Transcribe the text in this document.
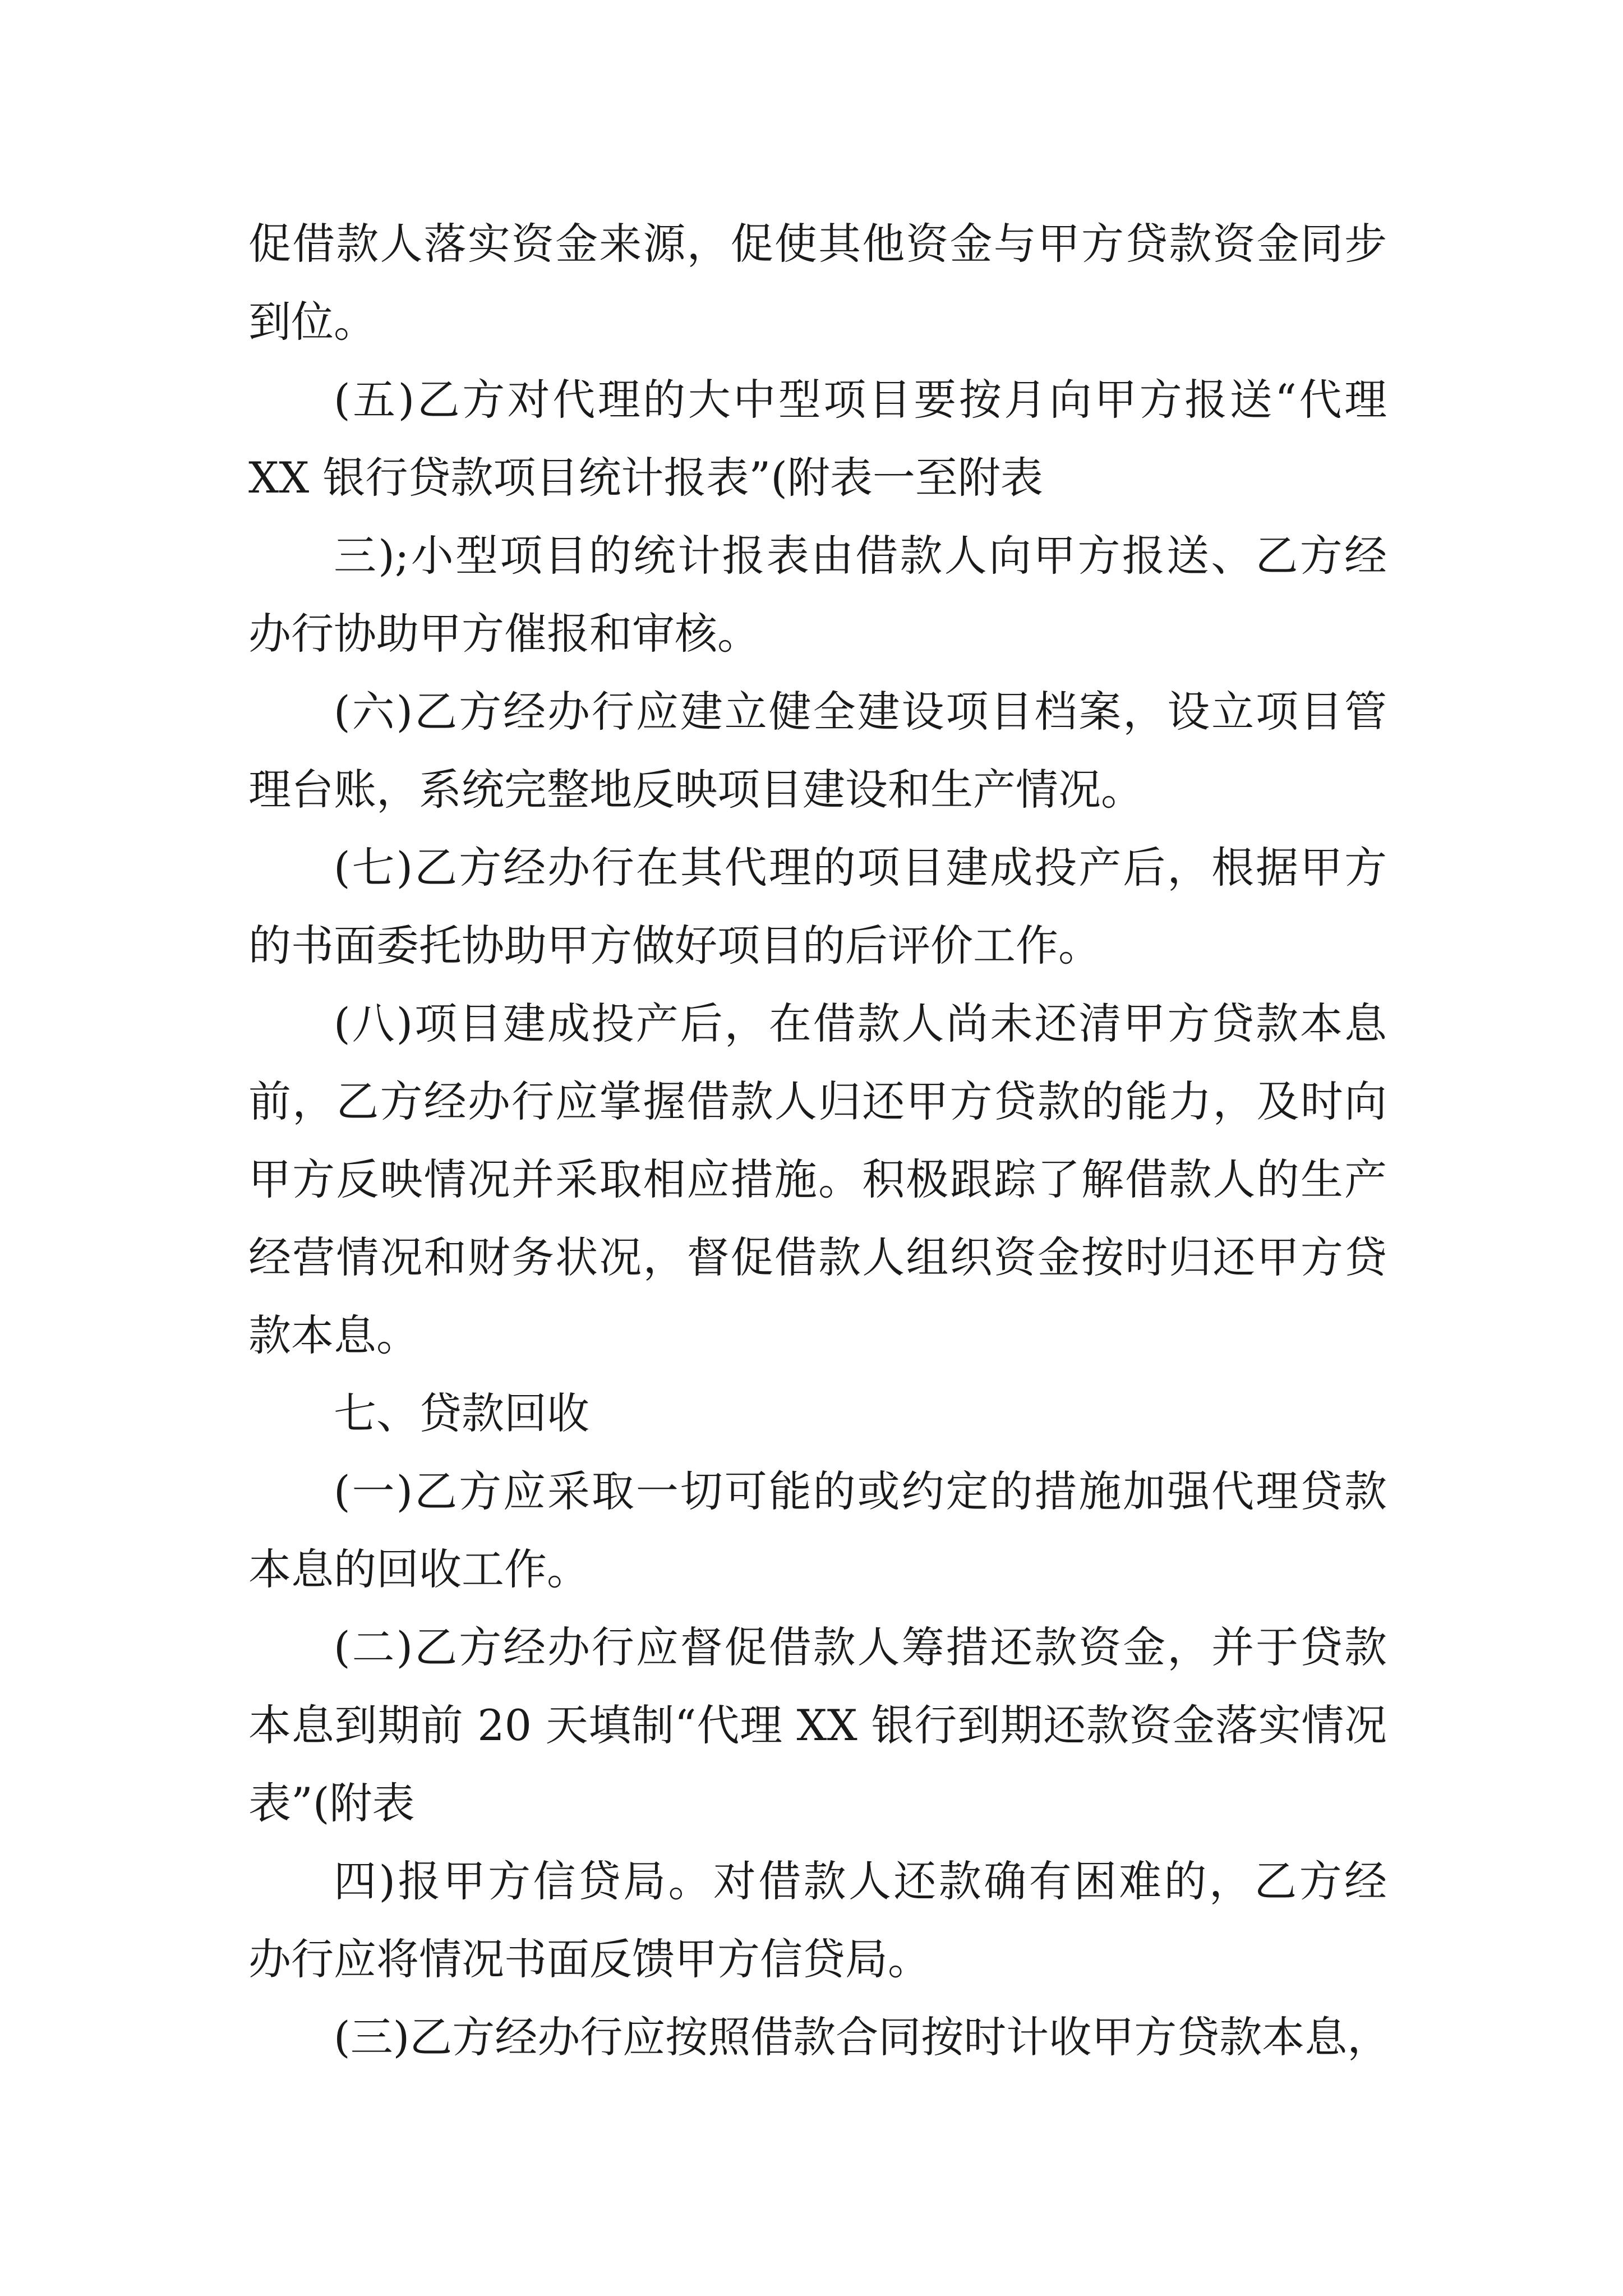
促借款人落实资金来源，促使其他资金与甲方贷款资金同步
到位。
(五)乙方对代理的大中型项目要按月向甲方报送“代理
XX 银行贷款项目统计报表”(附表一至附表
三);小型项目的统计报表由借款人向甲方报送、乙方经
办行协助甲方催报和审核。
(六)乙方经办行应建立健全建设项目档案，设立项目管
理台账，系统完整地反映项目建设和生产情况。
(七)乙方经办行在其代理的项目建成投产后，根据甲方
的书面委托协助甲方做好项目的后评价工作。
(八)项目建成投产后，在借款人尚未还清甲方贷款本息
前，乙方经办行应掌握借款人归还甲方贷款的能力，及时向
甲方反映情况并采取相应措施。积极跟踪了解借款人的生产
经营情况和财务状况，督促借款人组织资金按时归还甲方贷
款本息。
七、贷款回收
(一)乙方应采取一切可能的或约定的措施加强代理贷款
本息的回收工作。
(二)乙方经办行应督促借款人筹措还款资金，并于贷款
本息到期前 20 天填制“代理 XX 银行到期还款资金落实情况
表”(附表
四)报甲方信贷局。对借款人还款确有困难的，乙方经
办行应将情况书面反馈甲方信贷局。
(三)乙方经办行应按照借款合同按时计收甲方贷款本息，
